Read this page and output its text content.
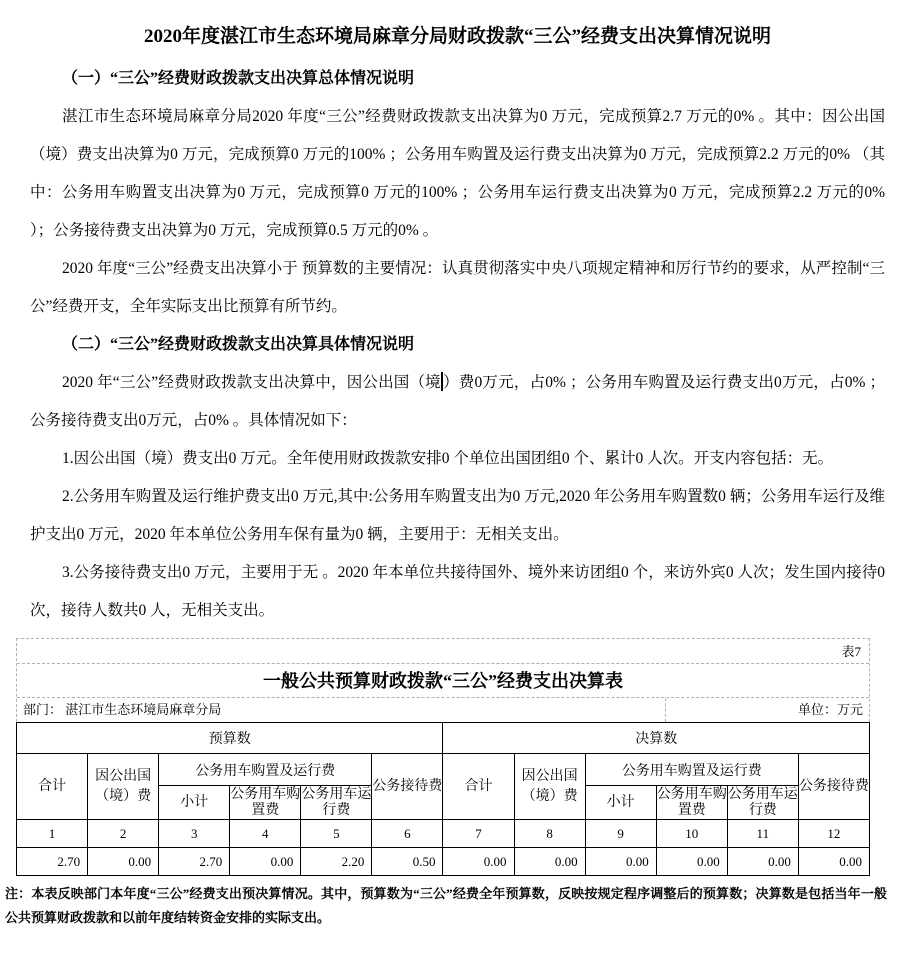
2020年度湛江市生态环境局麻章分局财政拨款“三公”经费支出决算情况说明

（一）“三公”经费财政拨款支出决算总体情况说明

湛江市生态环境局麻章分局2020 年度“三公”经费财政拨款支出决算为0 万元，完成预算2.7 万元的0% 。其中：因公出国（境）费支出决算为0 万元，完成预算0 万元的100% ；公务用车购置及运行费支出决算为0 万元，完成预算2.2 万元的0% （其中：公务用车购置支出决算为0 万元，完成预算0 万元的100% ；公务用车运行费支出决算为0 万元，完成预算2.2 万元的0% ）；公务接待费支出决算为0 万元，完成预算0.5 万元的0% 。

2020 年度“三公”经费支出决算小于 预算数的主要情况：认真贯彻落实中央八项规定精神和厉行节约的要求，从严控制“三公”经费开支，全年实际支出比预算有所节约。

（二）“三公”经费财政拨款支出决算具体情况说明

2020 年“三公”经费财政拨款支出决算中，因公出国（境 ）费0万元，占0% ；公务用车购置及运行费支出0万元，占0% ；公务接待费支出0万元，占0% 。具体情况如下：

1.因公出国（境）费支出0 万元。全年使用财政拨款安排0 个单位出国团组0 个、累计0 人次。开支内容包括：无。

2.公务用车购置及运行维护费支出0 万元,其中:公务用车购置支出为0 万元,2020 年公务用车购置数0 辆；公务用车运行及维护支出0 万元，2020 年本单位公务用车保有量为0 辆，主要用于：无相关支出。

3.公务接待费支出0 万元，主要用于无 。2020 年本单位共接待国外、境外来访团组0 个，来访外宾0 人次；发生国内接待0 次，接待人数共0 人，无相关支出。

表7
一般公共预算财政拨款“三公”经费支出决算表
部门： 湛江市生态环境局麻章分局	单位：万元
预算数						决算数					
合计	因公出国（境）费	公务用车购置及运行费			公务接待费	合计	因公出国（境）费	公务用车购置及运行费			公务接待费
		小计	公务用车购置费	公务用车运行费				小计	公务用车购置费	公务用车运行费	
1	2	3	4	5	6	7	8	9	10	11	12
2.70	0.00	2.70	0.00	2.20	0.50	0.00	0.00	0.00	0.00	0.00	0.00
注：本表反映部门本年度“三公”经费支出预决算情况。其中，预算数为“三公”经费全年预算数，反映按规定程序调整后的预算数；决算数是包括当年一般公共预算财政拨款和以前年度结转资金安排的实际支出。
